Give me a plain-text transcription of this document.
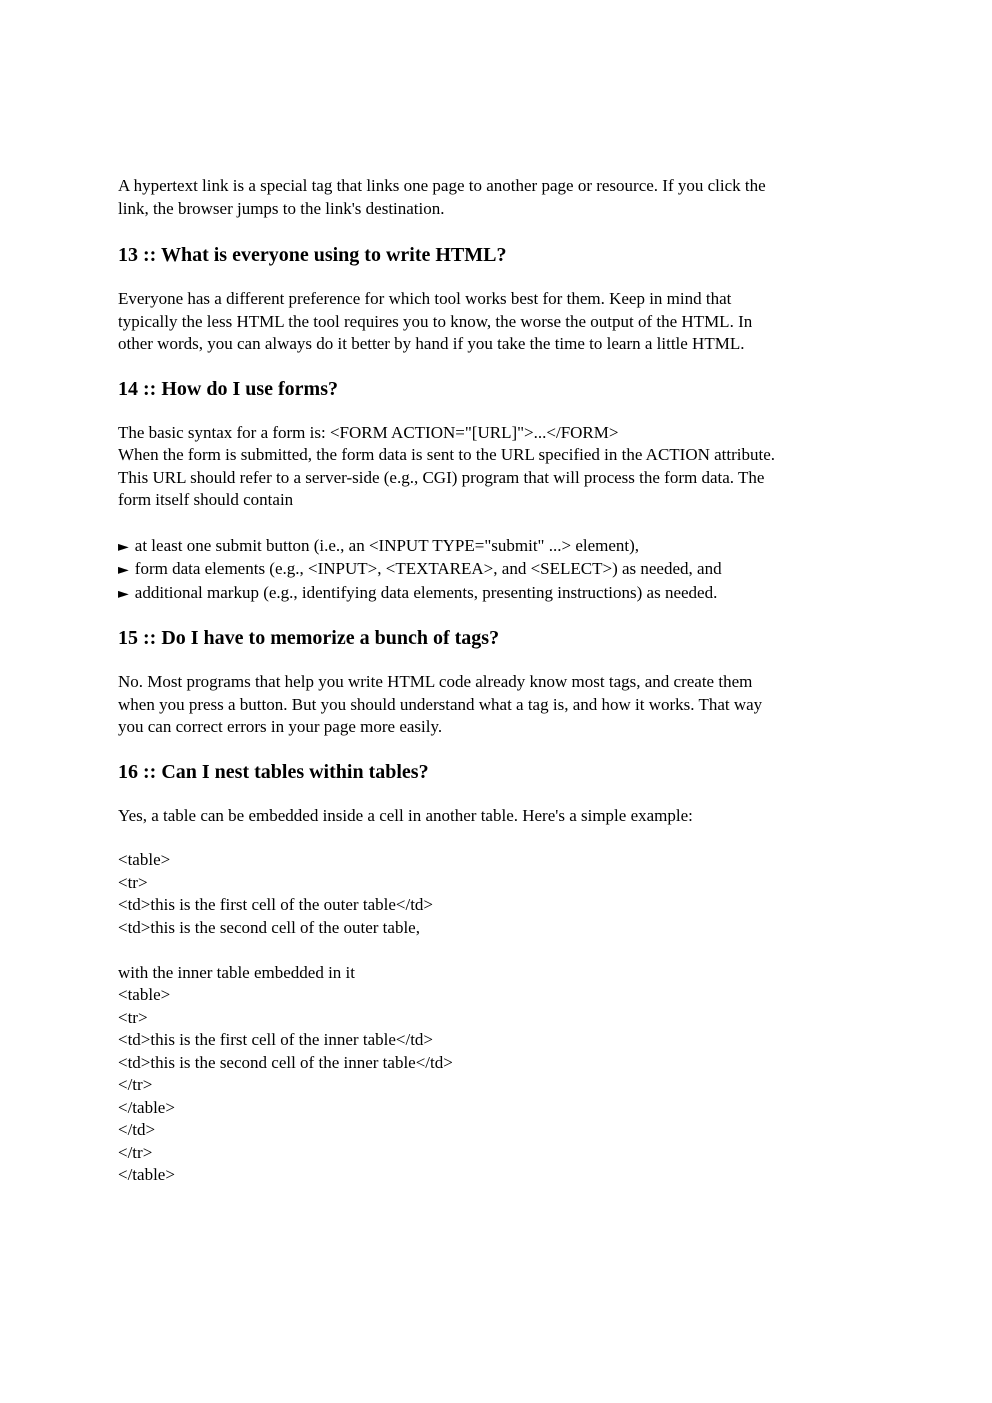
A hypertext link is a special tag that links one page to another page or resource. If you click the

link, the browser jumps to the link's destination.

13 :: What is everyone using to write HTML?

Everyone has a different preference for which tool works best for them. Keep in mind that

typically the less HTML the tool requires you to know, the worse the output of the HTML. In

other words, you can always do it better by hand if you take the time to learn a little HTML.

14 :: How do I use forms?

The basic syntax for a form is: <FORM ACTION="[URL]">...</FORM>

When the form is submitted, the form data is sent to the URL specified in the ACTION attribute.

This URL should refer to a server-side (e.g., CGI) program that will process the form data. The

form itself should contain

► at least one submit button (i.e., an <INPUT TYPE="submit" ...> element),
► form data elements (e.g., <INPUT>, <TEXTAREA>, and <SELECT>) as needed, and
► additional markup (e.g., identifying data elements, presenting instructions) as needed.
15 :: Do I have to memorize a bunch of tags?

No. Most programs that help you write HTML code already know most tags, and create them

when you press a button. But you should understand what a tag is, and how it works. That way

you can correct errors in your page more easily.

16 :: Can I nest tables within tables?

Yes, a table can be embedded inside a cell in another table. Here's a simple example:

<table>

<tr>

<td>this is the first cell of the outer table</td>

<td>this is the second cell of the outer table,

with the inner table embedded in it

<table>

<tr>

<td>this is the first cell of the inner table</td>

<td>this is the second cell of the inner table</td>

</tr>

</table>

</td>

</tr>

</table>
